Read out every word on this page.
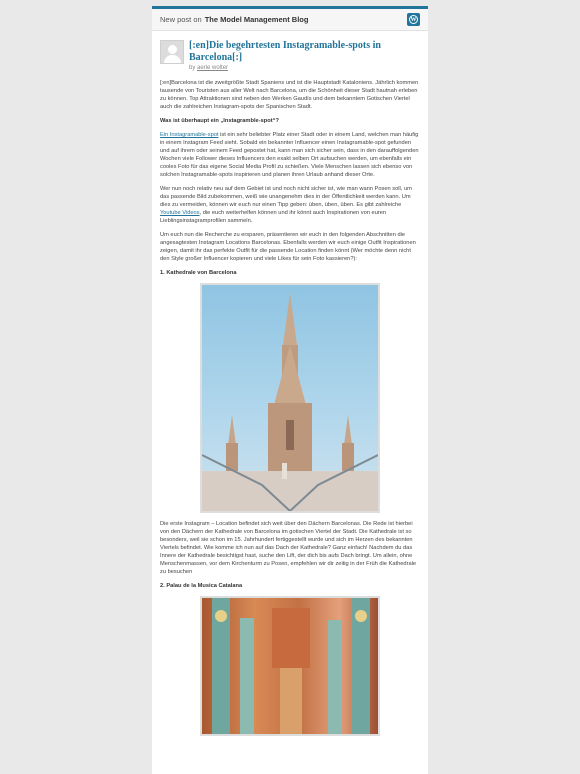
New post on The Model Management Blog	W
[:en]Die begehrtesten Instagramable-spots in Barcelona[:]
by aerie wolter

[:en]Barcelona ist die zweitgrößte Stadt Spaniens und ist die Hauptstadt Kataloniens. Jährlich kommen tausende von Touristen aus aller Welt nach Barcelona, um die Schönheit dieser Stadt hautnah erleben zu können. Top Attraktionen sind neben den Werken Gaudís und dem bekanntem Gotischen Viertel auch die zahlreichen Instagram-spots der Spanischen Stadt.

Was ist überhaupt ein „Instagramble-spot“?

Ein Instagramable-spot ist ein sehr beliebter Platz einer Stadt oder in einem Land, welchen man häufig in einem Instagram Feed sieht. Sobald ein bekannter Influencer einen Instagramable-spot gefunden und auf ihrem oder seinem Feed gepostet hat, kann man sich sicher sein, dass in den darauffolgenden Wochen viele Follower dieses Influencers den exakt selben Ort aufsuchen werden, um ebenfalls ein cooles Foto für das eigene Social Media Profil zu schießen. Viele Menschen lassen sich ebenso von solchen Instagramable-spots inspirieren und planen ihren Urlaub anhand dieser Orte.

Wer nun noch relativ neu auf dem Gebiet ist und noch nicht sicher ist, wie man wann Posen soll, um das passende Bild zubekommen, weiß wie unangenehm dies in der Öffentlichkeit werden kann. Um dies zu vermeiden, können wir euch nur einen Tipp geben: üben, üben, üben. Es gibt zahlreiche Youtube Videos, die euch weiterhelfen können und ihr könnt auch Inspirationen von euren Lieblingsinstagramprofilen sammeln.

Um euch nun die Recherche zu ersparen, präsentieren wir euch in den folgenden Abschnitten die angesagtesten Instagram Locations Barcelonas. Ebenfalls werden wir euch einige Outfit Inspirationen zeigen, damit ihr das perfekte Outfit für die passende Location finden könnt (Wer möchte denn nicht den Style großer Influencer kopieren und viele Likes für sein Foto kassieren?):

1. Kathedrale von Barcelona

Die erste Instagram – Location befindet sich weit über den Dächern Barcelonas. Die Rede ist hierbei von den Dächern der Kathedrale von Barcelona im gotischen Viertel der Stadt. Die Kathedrale ist so besonders, weil sie schon im 15. Jahrhundert fertiggestellt wurde und sich im Herzen des bekannten Viertels befindet. Wie komme ich nun auf das Dach der Kathedrale? Ganz einfach! Nachdem du das Innere der Kathedrale besichtigst hast, suche den Lift, der dich bis aufs Dach bringt. Um allein, ohne Menschenmassen, vor dem Kirchenturm zu Posen, empfehlen wir dir zeitig in der Früh die Kathedrale zu besuchen

2. Palau de la Musica Catalana
